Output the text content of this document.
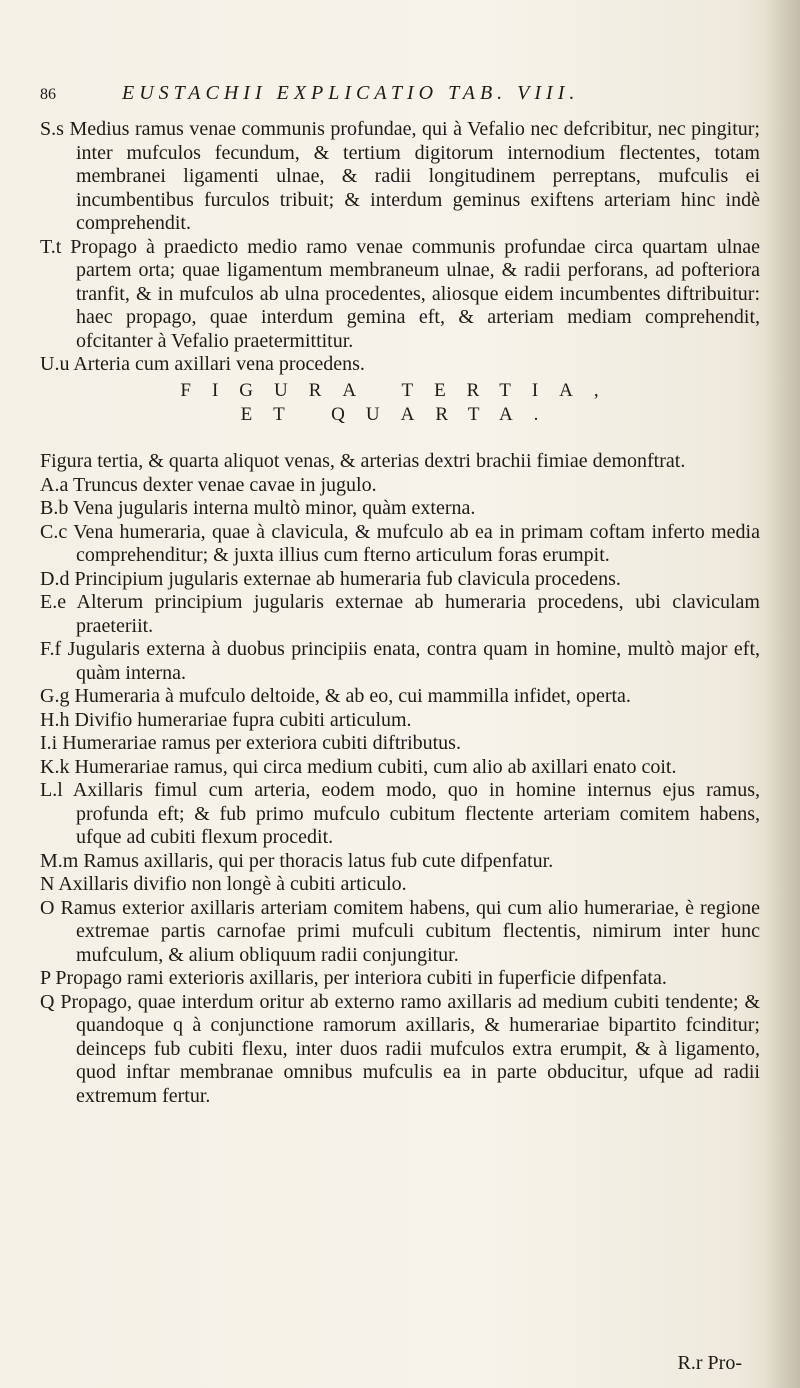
86	EUSTACHII EXPLICATIO TAB. VIII.

S.s Medius ramus venae communis profundae, qui à Vefalio nec defcribitur, nec pingitur; inter mufculos fecundum, & tertium digitorum internodium flectentes, totam membranei ligamenti ulnae, & radii longitudinem perreptans, mufculis ei incumbentibus furculos tribuit; & interdum geminus exiftens arteriam hinc indè comprehendit.

T.t Propago à praedicto medio ramo venae communis profundae circa quartam ulnae partem orta; quae ligamentum membraneum ulnae, & radii perforans, ad pofteriora tranfit, & in mufculos ab ulna procedentes, aliosque eidem incumbentes diftribuitur: haec propago, quae interdum gemina eft, & arteriam mediam comprehendit, ofcitanter à Vefalio praetermittitur.

U.u Arteria cum axillari vena procedens.

FIGURA TERTIA,
ET QUARTA.

Figura tertia, & quarta aliquot venas, & arterias dextri brachii fimiae demonftrat.

A.a Truncus dexter venae cavae in jugulo.

B.b Vena jugularis interna multò minor, quàm externa.

C.c Vena humeraria, quae à clavicula, & mufculo ab ea in primam coftam inferto media comprehenditur; & juxta illius cum fterno articulum foras erumpit.

D.d Principium jugularis externae ab humeraria fub clavicula procedens.

E.e Alterum principium jugularis externae ab humeraria procedens, ubi claviculam praeteriit.

F.f Jugularis externa à duobus principiis enata, contra quam in homine, multò major eft, quàm interna.

G.g Humeraria à mufculo deltoide, & ab eo, cui mammilla infidet, operta.

H.h Divifio humerariae fupra cubiti articulum.

I.i Humerariae ramus per exteriora cubiti diftributus.

K.k Humerariae ramus, qui circa medium cubiti, cum alio ab axillari enato coit.

L.l Axillaris fimul cum arteria, eodem modo, quo in homine internus ejus ramus, profunda eft; & fub primo mufculo cubitum flectente arteriam comitem habens, ufque ad cubiti flexum procedit.

M.m Ramus axillaris, qui per thoracis latus fub cute difpenfatur.

N Axillaris divifio non longè à cubiti articulo.

O Ramus exterior axillaris arteriam comitem habens, qui cum alio humerariae, è regione extremae partis carnofae primi mufculi cubitum flectentis, nimirum inter hunc mufculum, & alium obliquum radii conjungitur.

P Propago rami exterioris axillaris, per interiora cubiti in fuperficie difpenfata.

Q Propago, quae interdum oritur ab externo ramo axillaris ad medium cubiti tendente; & quandoque q à conjunctione ramorum axillaris, & humerariae bipartito fcinditur; deinceps fub cubiti flexu, inter duos radii mufculos extra erumpit, & à ligamento, quod inftar membranae omnibus mufculis ea in parte obducitur, ufque ad radii extremum fertur.

R.r Pro-
